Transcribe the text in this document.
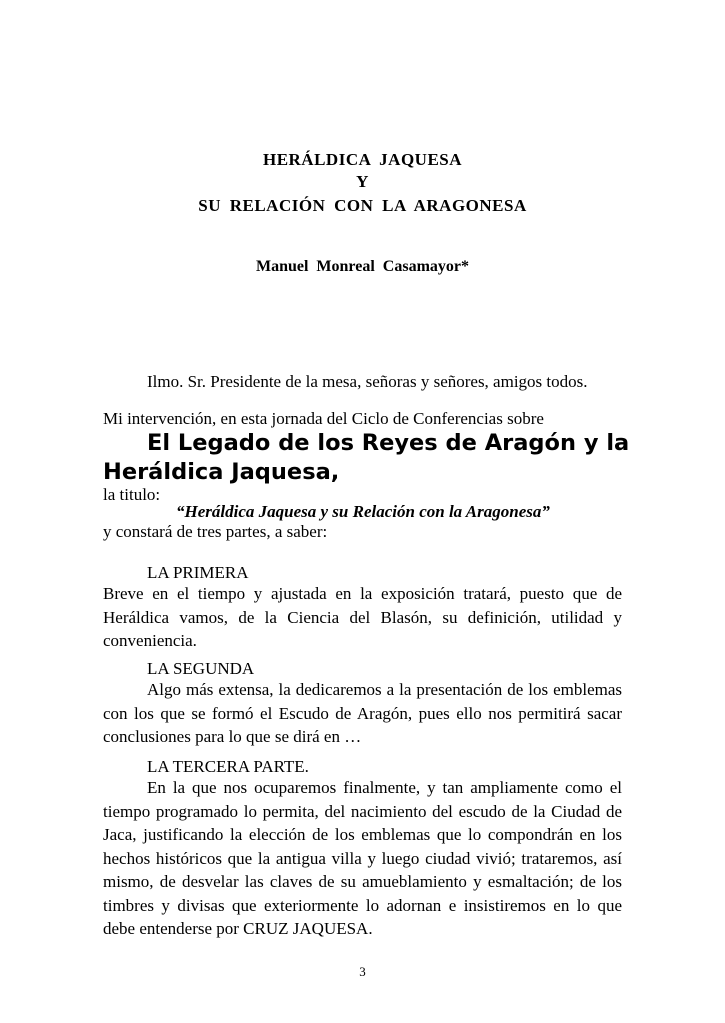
HERÁLDICA JAQUESA
Y
SU RELACIÓN CON LA ARAGONESA
Manuel Monreal Casamayor*
Ilmo. Sr. Presidente de la mesa, señoras y señores, amigos todos.
Mi intervención, en esta jornada del Ciclo de Conferencias sobre

El Legado de los Reyes de Aragón y la Heráldica Jaquesa,

la titulo:
“Heráldica Jaquesa y su Relación con la Aragonesa”
y constará de tres partes, a saber:
LA PRIMERA

Breve en el tiempo y ajustada en la exposición tratará, puesto que de Heráldica vamos, de la Ciencia del Blasón, su definición, utilidad y conveniencia.

LA SEGUNDA

Algo más extensa, la dedicaremos a la presentación de los emblemas con los que se formó el Escudo de Aragón, pues ello nos permitirá sacar conclusiones para lo que se dirá en …

LA TERCERA PARTE.

En la que nos ocuparemos finalmente, y tan ampliamente como el tiempo programado lo permita, del nacimiento del escudo de la Ciudad de Jaca, justificando la elección de los emblemas que lo compondrán en los hechos históricos que la antigua villa y luego ciudad vivió; trataremos, así mismo, de desvelar las claves de su amueblamiento y esmaltación; de los timbres y divisas que exteriormente lo adornan e insistiremos en lo que debe entenderse por CRUZ JAQUESA.

3
